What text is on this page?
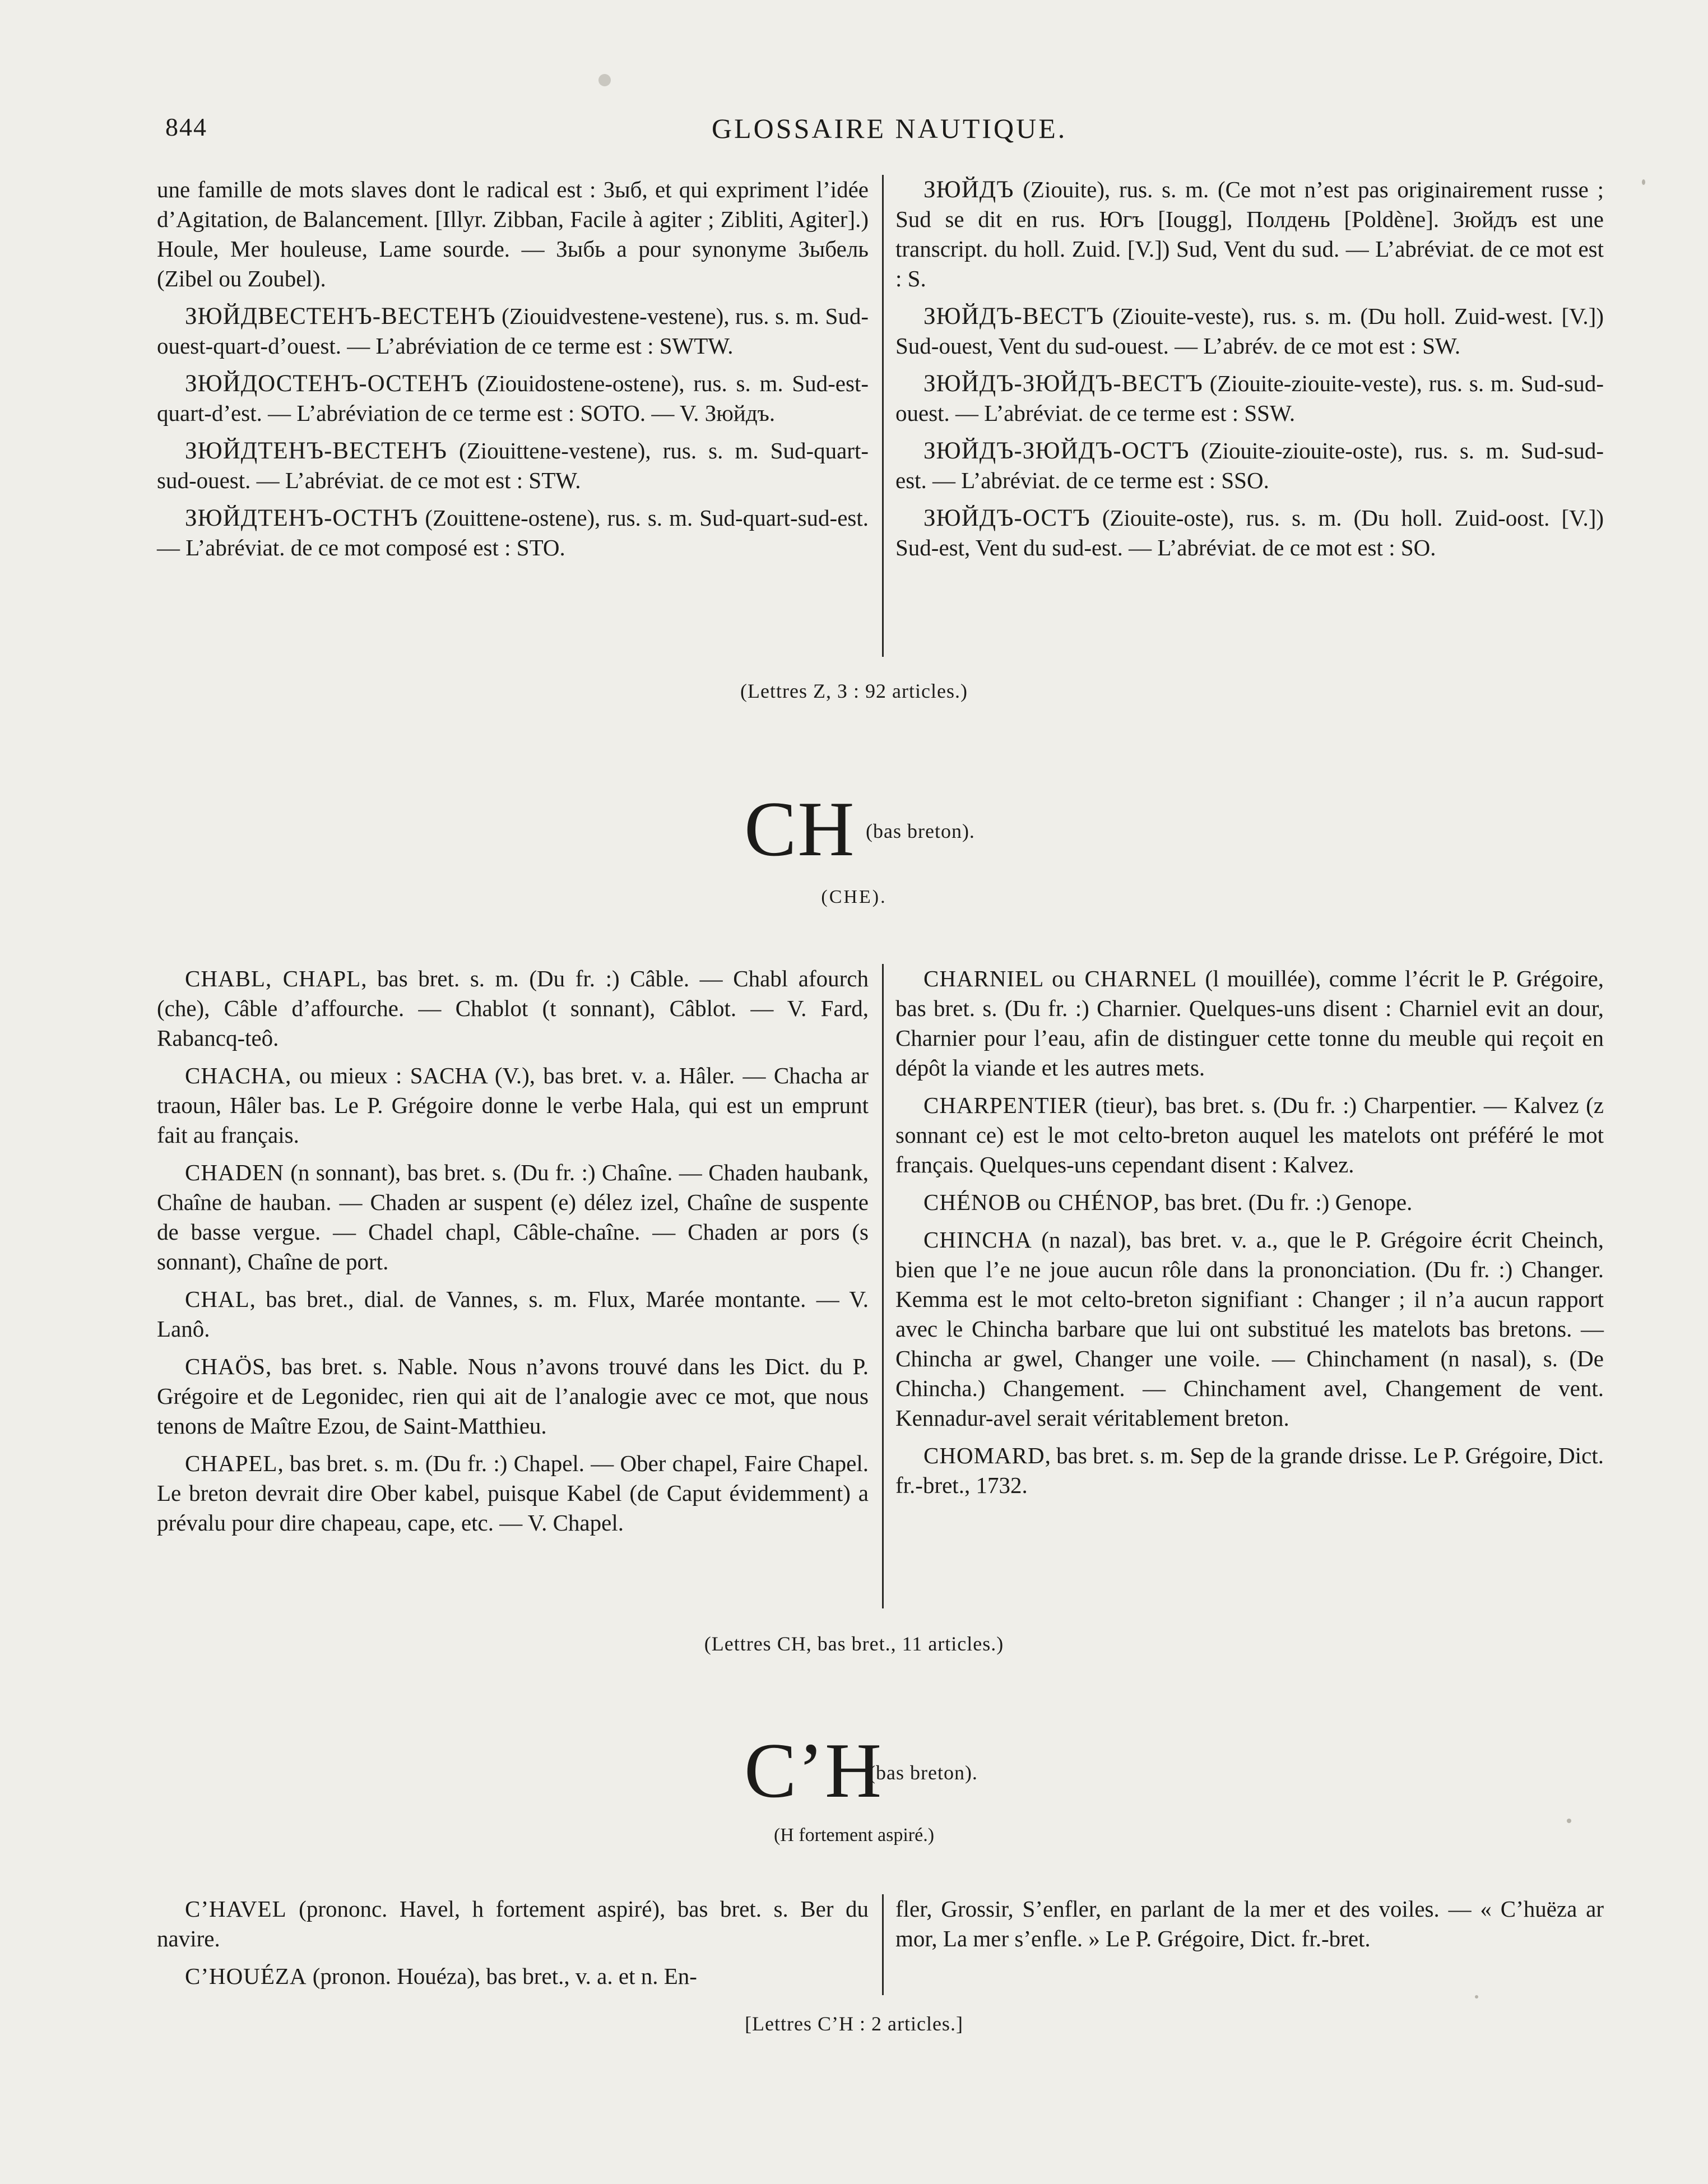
844	GLOSSAIRE NAUTIQUE.

une famille de mots slaves dont le radical est : Зыб, et qui expriment l’idée d’Agitation, de Balancement. [Illyr. Zibban, Facile à agiter ; Zibliti, Agiter].) Houle, Mer houleuse, Lame sourde. — Зыбь a pour synonyme Зыбель (Zibel ou Zoubel).

ЗЮЙДВЕСТЕНЪ-ВЕСТЕНЪ (Ziouidvestene-vestene), rus. s. m. Sud-ouest-quart-d’ouest. — L’abréviation de ce terme est : SWTW.

ЗЮЙДОСТЕНЪ-ОСТЕНЪ (Ziouidostene-ostene), rus. s. m. Sud-est-quart-d’est. — L’abréviation de ce terme est : SOTO. — V. Зюйдъ.

ЗЮЙДТЕНЪ-ВЕСТЕНЪ (Ziouittene-vestene), rus. s. m. Sud-quart-sud-ouest. — L’abréviat. de ce mot est : STW.

ЗЮЙДТЕНЪ-ОСТНЪ (Zouittene-ostene), rus. s. m. Sud-quart-sud-est. — L’abréviat. de ce mot composé est : STO.

ЗЮЙДЪ (Ziouite), rus. s. m. (Ce mot n’est pas originairement russe ; Sud se dit en rus. Югъ [Iougg], Полдень [Poldène]. Зюйдъ est une transcript. du holl. Zuid. [V.]) Sud, Vent du sud. — L’abréviat. de ce mot est : S.

ЗЮЙДЪ-ВЕСТЪ (Ziouite-veste), rus. s. m. (Du holl. Zuid-west. [V.]) Sud-ouest, Vent du sud-ouest. — L’abrév. de ce mot est : SW.

ЗЮЙДЪ-ЗЮЙДЪ-ВЕСТЪ (Ziouite-ziouite-veste), rus. s. m. Sud-sud-ouest. — L’abréviat. de ce terme est : SSW.

ЗЮЙДЪ-ЗЮЙДЪ-ОСТЪ (Ziouite-ziouite-oste), rus. s. m. Sud-sud-est. — L’abréviat. de ce terme est : SSO.

ЗЮЙДЪ-ОСТЪ (Ziouite-oste), rus. s. m. (Du holl. Zuid-oost. [V.]) Sud-est, Vent du sud-est. — L’abréviat. de ce mot est : SO.

(Lettres Z, З : 92 articles.)
CH (bas breton).
(CHE).

CHABL, CHAPL, bas bret. s. m. (Du fr. :) Câble. — Chabl afourch (che), Câble d’affourche. — Chablot (t sonnant), Câblot. — V. Fard, Rabancq-teô.

CHACHA, ou mieux : SACHA (V.), bas bret. v. a. Hâler. — Chacha ar traoun, Hâler bas. Le P. Grégoire donne le verbe Hala, qui est un emprunt fait au français.

CHADEN (n sonnant), bas bret. s. (Du fr. :) Chaîne. — Chaden haubank, Chaîne de hauban. — Chaden ar suspent (e) délez izel, Chaîne de suspente de basse vergue. — Chadel chapl, Câble-chaîne. — Chaden ar pors (s sonnant), Chaîne de port.

CHAL, bas bret., dial. de Vannes, s. m. Flux, Marée montante. — V. Lanô.

CHAÖS, bas bret. s. Nable. Nous n’avons trouvé dans les Dict. du P. Grégoire et de Legonidec, rien qui ait de l’analogie avec ce mot, que nous tenons de Maître Ezou, de Saint-Matthieu.

CHAPEL, bas bret. s. m. (Du fr. :) Chapel. — Ober chapel, Faire Chapel. Le breton devrait dire Ober kabel, puisque Kabel (de Caput évidemment) a prévalu pour dire chapeau, cape, etc. — V. Chapel.

CHARNIEL ou CHARNEL (l mouillée), comme l’écrit le P. Grégoire, bas bret. s. (Du fr. :) Charnier. Quelques-uns disent : Charniel evit an dour, Charnier pour l’eau, afin de distinguer cette tonne du meuble qui reçoit en dépôt la viande et les autres mets.

CHARPENTIER (tieur), bas bret. s. (Du fr. :) Charpentier. — Kalvez (z sonnant ce) est le mot celto-breton auquel les matelots ont préféré le mot français. Quelques-uns cependant disent : Kalvez.

CHÉNOB ou CHÉNOP, bas bret. (Du fr. :) Genope.

CHINCHA (n nazal), bas bret. v. a., que le P. Grégoire écrit Cheinch, bien que l’e ne joue aucun rôle dans la prononciation. (Du fr. :) Changer. Kemma est le mot celto-breton signifiant : Changer ; il n’a aucun rapport avec le Chincha barbare que lui ont substitué les matelots bas bretons. — Chincha ar gwel, Changer une voile. — Chinchament (n nasal), s. (De Chincha.) Changement. — Chinchament avel, Changement de vent. Kennadur-avel serait véritablement breton.

CHOMARD, bas bret. s. m. Sep de la grande drisse. Le P. Grégoire, Dict. fr.-bret., 1732.

(Lettres CH, bas bret., 11 articles.)
C’H
(bas breton).
(H fortement aspiré.)

C’HAVEL (prononc. Havel, h fortement aspiré), bas bret. s. Ber du navire.

C’HOUÉZA (pronon. Houéza), bas bret., v. a. et n. En-

fler, Grossir, S’enfler, en parlant de la mer et des voiles. — « C’huëza ar mor, La mer s’enfle. » Le P. Grégoire, Dict. fr.-bret.

[Lettres C’H : 2 articles.]
